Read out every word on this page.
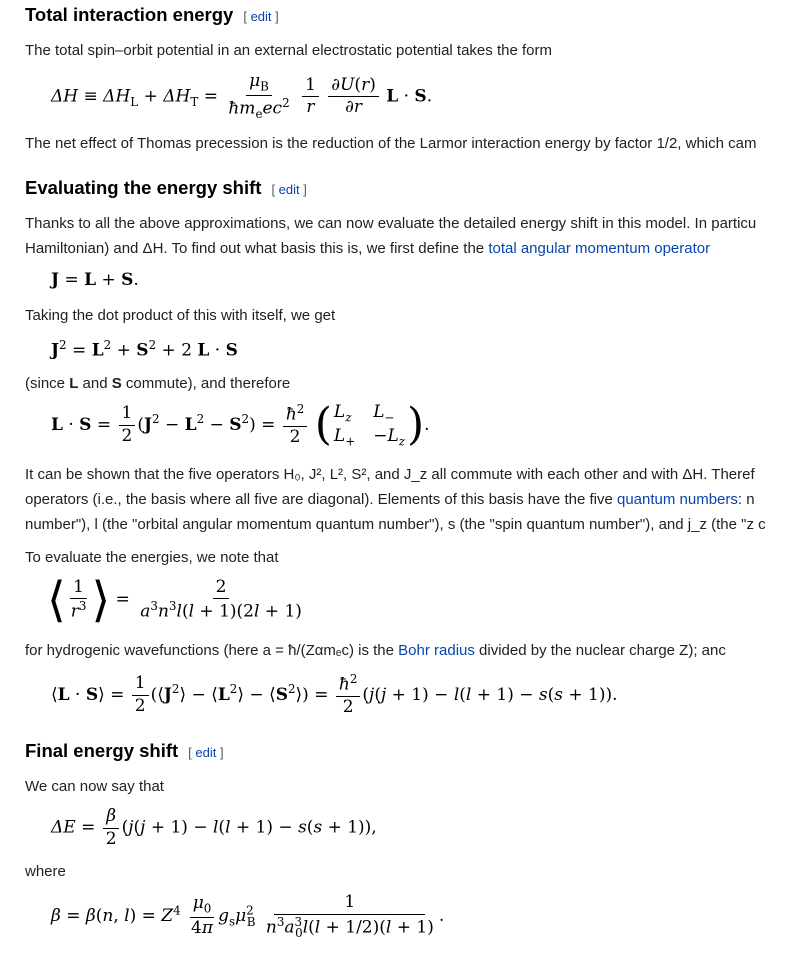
Total interaction energy [ edit ]

The total spin–orbit potential in an external electrostatic potential takes the form

$\Delta H \equiv \Delta H_L + \Delta H_T = \frac{\mu_B}{ħm_eec^2}$
$\frac{1}{r}$
$\frac{\partial U(r)}{\partial r}$ L · S.

The net effect of Thomas precession is the reduction of the Larmor interaction energy by factor 1/2, which cam

Evaluating the energy shift [ edit ]

Thanks to all the above approximations, we can now evaluate the detailed energy shift in this model. In particu

Hamiltonian) and ΔH. To find out what basis this is, we first define the total angular momentum operator

J = L + S.

Taking the dot product of this with itself, we get

$J^2 = L^2 + S^2 + 2$ L · S

(since L and S commute), and therefore

$L \cdot S = \frac{1}{2} (J^2 - L^2 - S^2) = \frac{ħ^2}{2}$
( $L_z$ $L_-$
$L_+ -L_z$ ) .

It can be shown that the five operators H₀, J², L², S², and J_z all commute with each other and with ΔH. Theref

operators (i.e., the basis where all five are diagonal). Elements of this basis have the five quantum numbers: n

number"), l (the "orbital angular momentum quantum number"), s (the "spin quantum number"), and j_z (the "z c

To evaluate the energies, we note that

⟨ $\frac{1}{r^3}$ ⟩ = $\frac{2}{a^3n^3l(l + 1)(2l + 1)}$

for hydrogenic wavefunctions (here a = ħ/(Zαmₑc) is the Bohr radius divided by the nuclear charge Z); anc

⟨L · S⟩ = $\frac{1}{2}$ ($⟨J^2⟩$ − $⟨L^2⟩$ − $⟨S^2⟩) = \frac{ħ^2}{2} (j(j + 1) - l(l + 1) - s(s + 1))$.
Final energy shift [ edit ]

We can now say that

$\Delta E = \frac{\beta}{2} (j(j + 1) - l(l + 1) - s(s + 1))$,

where

β = β(n, $l) = Z^4 \frac{\mu_0}{4\pi} g_s\mu^2_B \frac{1}{n^3a^3_0l(l + 1/2)(l + 1)}$ .
